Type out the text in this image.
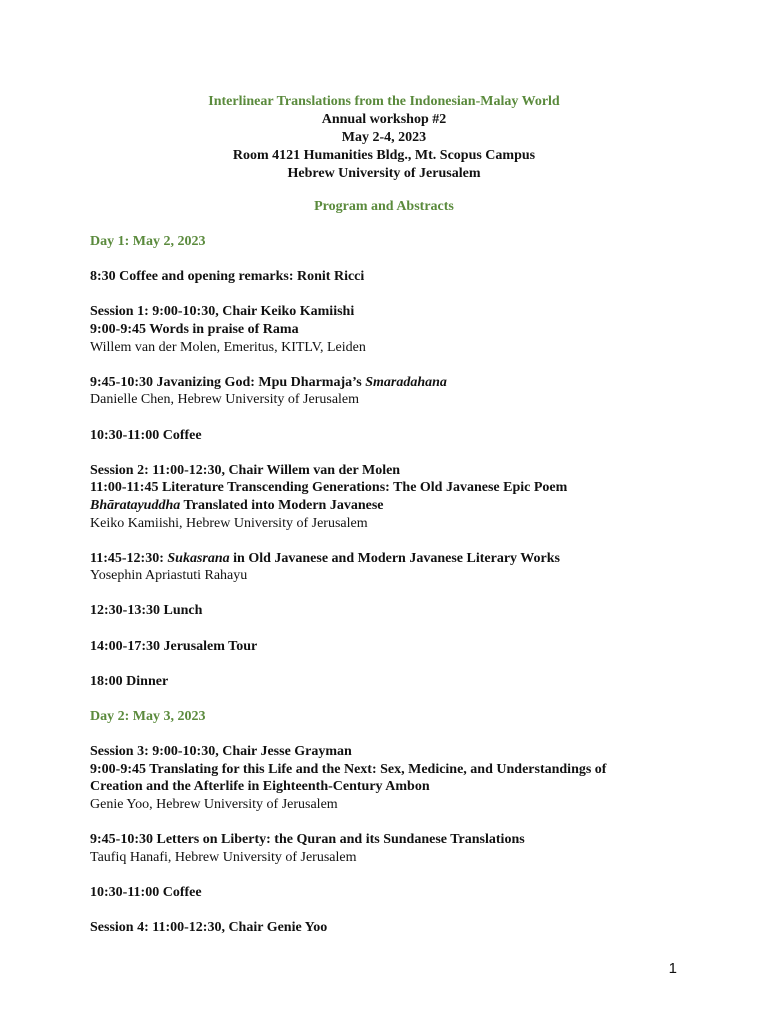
Interlinear Translations from the Indonesian-Malay World
Annual workshop #2
May 2-4, 2023
Room 4121 Humanities Bldg., Mt. Scopus Campus
Hebrew University of Jerusalem
Program and Abstracts
Day 1: May 2, 2023
8:30 Coffee and opening remarks: Ronit Ricci
Session 1: 9:00-10:30, Chair Keiko Kamiishi
9:00-9:45 Words in praise of Rama
Willem van der Molen, Emeritus, KITLV, Leiden
9:45-10:30 Javanizing God: Mpu Dharmaja’s Smaradahana
Danielle Chen, Hebrew University of Jerusalem
10:30-11:00 Coffee
Session 2: 11:00-12:30, Chair Willem van der Molen
11:00-11:45 Literature Transcending Generations: The Old Javanese Epic Poem
Bhāratayuddha Translated into Modern Javanese
Keiko Kamiishi, Hebrew University of Jerusalem
11:45-12:30: Sukasrana in Old Javanese and Modern Javanese Literary Works
Yosephin Apriastuti Rahayu
12:30-13:30 Lunch
14:00-17:30 Jerusalem Tour
18:00 Dinner
Day 2: May 3, 2023
Session 3: 9:00-10:30, Chair Jesse Grayman
9:00-9:45 Translating for this Life and the Next: Sex, Medicine, and Understandings of
Creation and the Afterlife in Eighteenth-Century Ambon
Genie Yoo, Hebrew University of Jerusalem
9:45-10:30 Letters on Liberty: the Quran and its Sundanese Translations
Taufiq Hanafi, Hebrew University of Jerusalem
10:30-11:00 Coffee
Session 4: 11:00-12:30, Chair Genie Yoo
1
